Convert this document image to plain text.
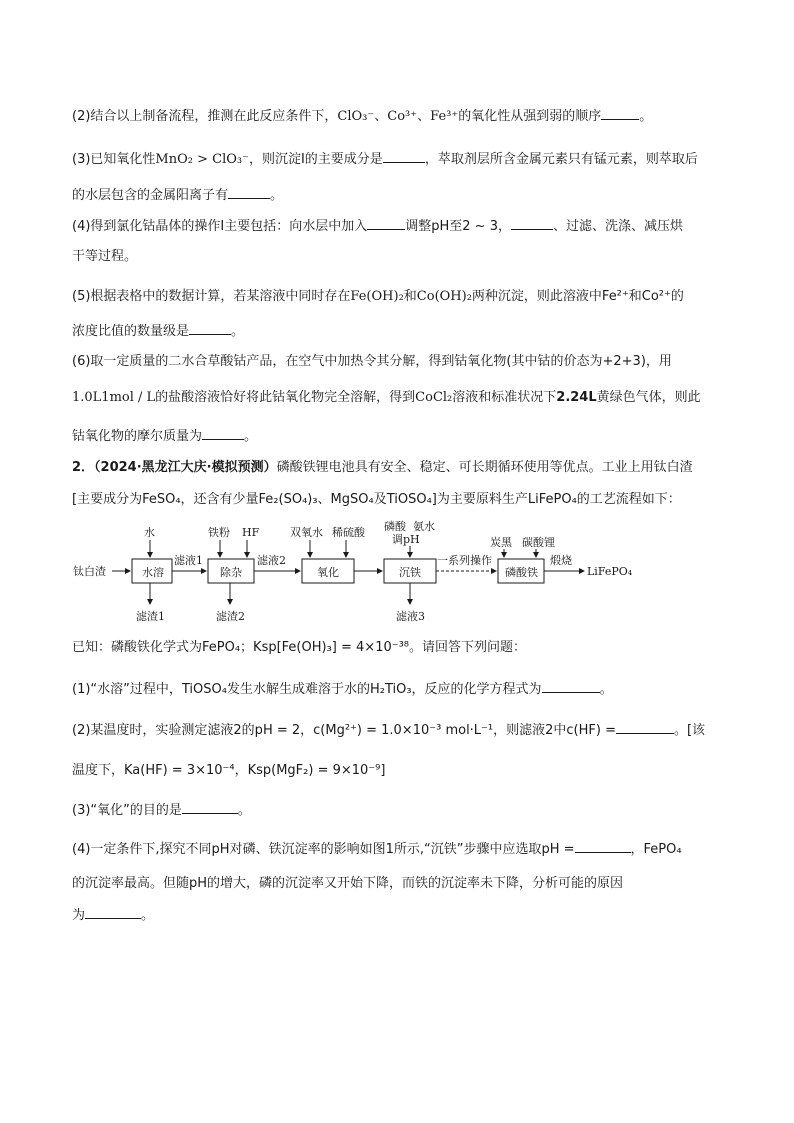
(2)结合以上制备流程，推测在此反应条件下，ClO₃⁻、Co³⁺、Fe³⁺的氧化性从强到弱的顺序	。
(3)已知氧化性MnO₂ > ClO₃⁻，则沉淀Ⅰ的主要成分是	，萃取剂层所含金属元素只有锰元素，则萃取后
的水层包含的金属阳离子有	。
(4)得到氯化钴晶体的操作Ⅰ主要包括：向水层中加入	调整pH至2 ~ 3，	、过滤、洗涤、减压烘
干等过程。
(5)根据表格中的数据计算，若某溶液中同时存在Fe(OH)₂和Co(OH)₂两种沉淀，则此溶液中Fe²⁺和Co²⁺的
浓度比值的数量级是	。
(6)取一定质量的二水合草酸钴产品，在空气中加热令其分解，得到钴氧化物(其中钴的价态为+2+3)，用
1.0L1mol / L的盐酸溶液恰好将此钴氧化物完全溶解，得到CoCl₂溶液和标准状况下2.24L黄绿色气体，则此
钴氧化物的摩尔质量为	。
2．（2024·黑龙江大庆·模拟预测）磷酸铁锂电池具有安全、稳定、可长期循环使用等优点。工业上用钛白渣
[主要成分为FeSO₄，还含有少量Fe₂(SO₄)₃、MgSO₄及TiOSO₄]为主要原料生产LiFePO₄的工艺流程如下：
钛白渣	水溶	除杂	氧化	沉铁	磷酸铁
滤液1	滤液2	一系列操作	煅烧
LiFePO₄
水	铁粉 HF	双氧水 稀硫酸 磷酸 氨水
调pH	炭黑 碳酸锂
滤渣1	滤渣2	滤液3
已知：磷酸铁化学式为FePO₄；Ksp[Fe(OH)₃] = 4×10⁻³⁸。请回答下列问题：
(1)“水溶”过程中，TiOSO₄发生水解生成难溶于水的H₂TiO₃，反应的化学方程式为	。
(2)某温度时，实验测定滤液2的pH = 2，c(Mg²⁺) = 1.0×10⁻³ mol·L⁻¹，则滤液2中c(HF) =	。[该
温度下，Ka(HF) = 3×10⁻⁴，Ksp(MgF₂) = 9×10⁻⁹]
(3)“氧化”的目的是	。
(4)一定条件下,探究不同pH对磷、铁沉淀率的影响如图1所示,“沉铁”步骤中应选取pH =	，FePO₄
的沉淀率最高。但随pH的增大，磷的沉淀率又开始下降，而铁的沉淀率未下降，分析可能的原因
为	。
